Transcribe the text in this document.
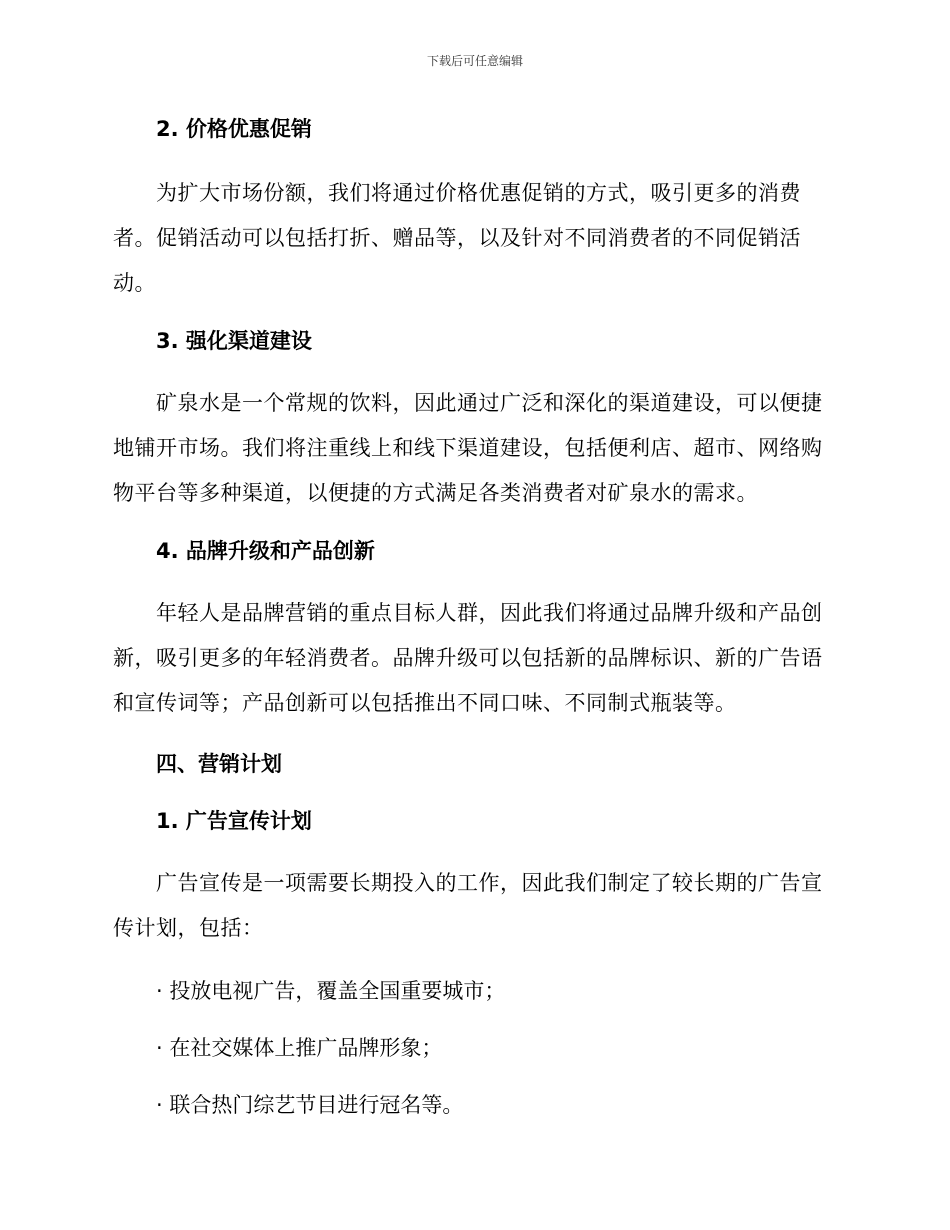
下载后可任意编辑
2. 价格优惠促销
为扩大市场份额，我们将通过价格优惠促销的方式，吸引更多的消费者。促销活动可以包括打折、赠品等，以及针对不同消费者的不同促销活动。
3. 强化渠道建设
矿泉水是一个常规的饮料，因此通过广泛和深化的渠道建设，可以便捷地铺开市场。我们将注重线上和线下渠道建设，包括便利店、超市、网络购物平台等多种渠道，以便捷的方式满足各类消费者对矿泉水的需求。
4. 品牌升级和产品创新
年轻人是品牌营销的重点目标人群，因此我们将通过品牌升级和产品创新，吸引更多的年轻消费者。品牌升级可以包括新的品牌标识、新的广告语和宣传词等；产品创新可以包括推出不同口味、不同制式瓶装等。
四、营销计划
1. 广告宣传计划
广告宣传是一项需要长期投入的工作，因此我们制定了较长期的广告宣传计划，包括：
· 投放电视广告，覆盖全国重要城市；
· 在社交媒体上推广品牌形象；
· 联合热门综艺节目进行冠名等。
